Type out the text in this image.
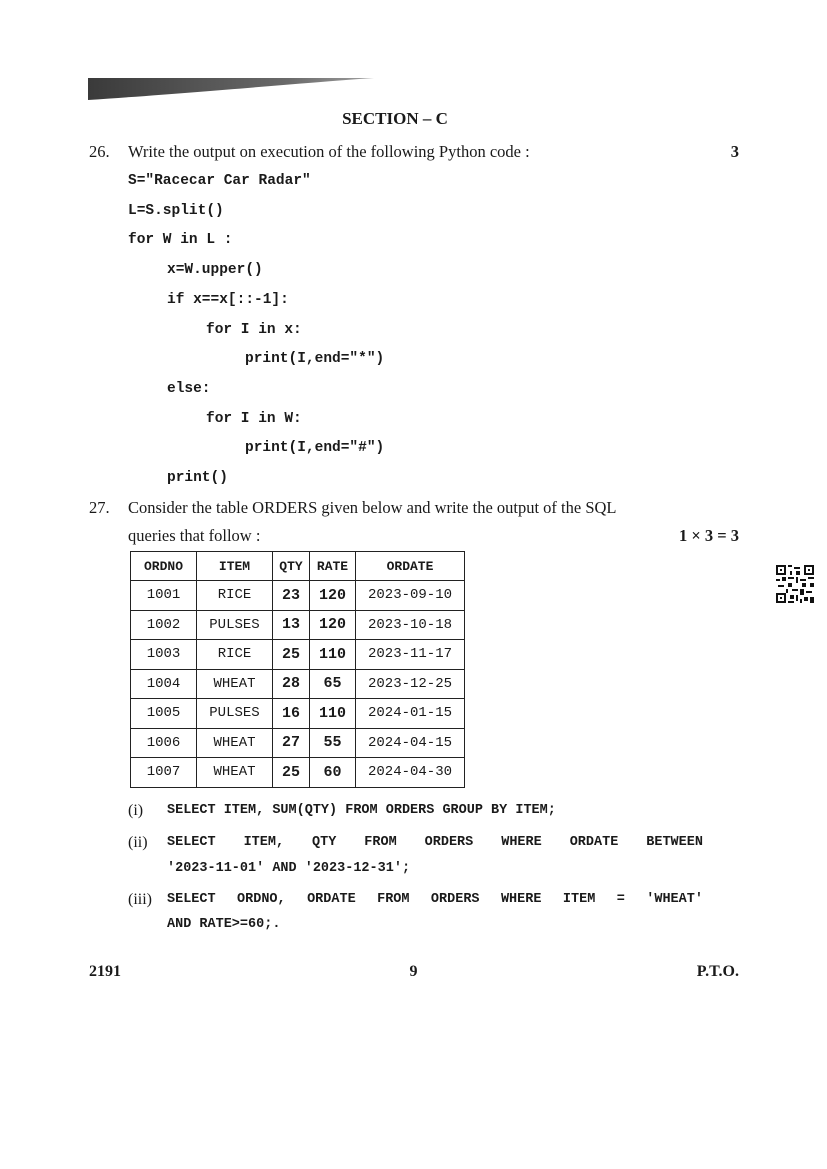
SECTION – C
26. Write the output on execution of the following Python code :	3
S="Racecar Car Radar"
L=S.split()
for W in L :
x=W.upper()
if x==x[::-1]:
for I in x:
print(I,end="*")
else:
for I in W:
print(I,end="#")
print()
27. Consider the table ORDERS given below and write the output of the SQL
queries that follow :	1 × 3 = 3
ORDNO	ITEM	QTY	RATE	ORDATE
1001	RICE	23	120	2023-09-10
1002	PULSES	13	120	2023-10-18
1003	RICE	25	110	2023-11-17
1004	WHEAT	28	65	2023-12-25
1005	PULSES	16	110	2024-01-15
1006	WHEAT	27	55	2024-04-15
1007	WHEAT	25	60	2024-04-30
(i) SELECT ITEM, SUM(QTY) FROM ORDERS GROUP BY ITEM;
(ii) SELECT ITEM, QTY FROM ORDERS WHERE ORDATE BETWEEN
'2023-11-01' AND '2023-12-31';
(iii) SELECT ORDNO, ORDATE FROM ORDERS WHERE ITEM = 'WHEAT'
AND RATE>=60;.
2191	9	P.T.O.
